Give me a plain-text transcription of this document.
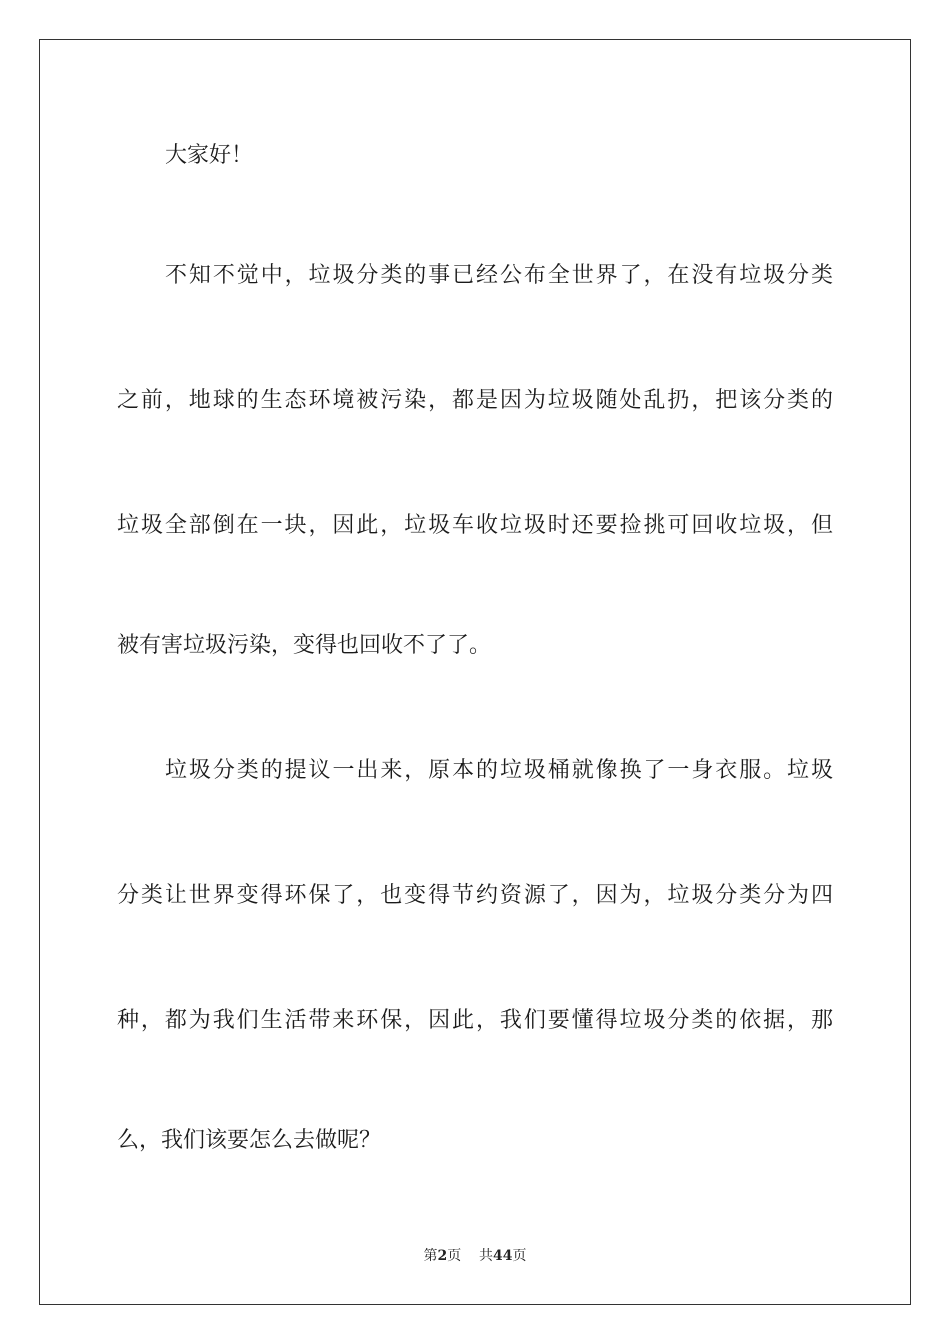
大家好！
不知不觉中，垃圾分类的事已经公布全世界了，在没有垃圾分类
之前，地球的生态环境被污染，都是因为垃圾随处乱扔，把该分类的
垃圾全部倒在一块，因此，垃圾车收垃圾时还要捡挑可回收垃圾，但
被有害垃圾污染，变得也回收不了了。
垃圾分类的提议一出来，原本的垃圾桶就像换了一身衣服。垃圾
分类让世界变得环保了，也变得节约资源了，因为，垃圾分类分为四
种，都为我们生活带来环保，因此，我们要懂得垃圾分类的依据，那
么，我们该要怎么去做呢？
第2页 共44页
